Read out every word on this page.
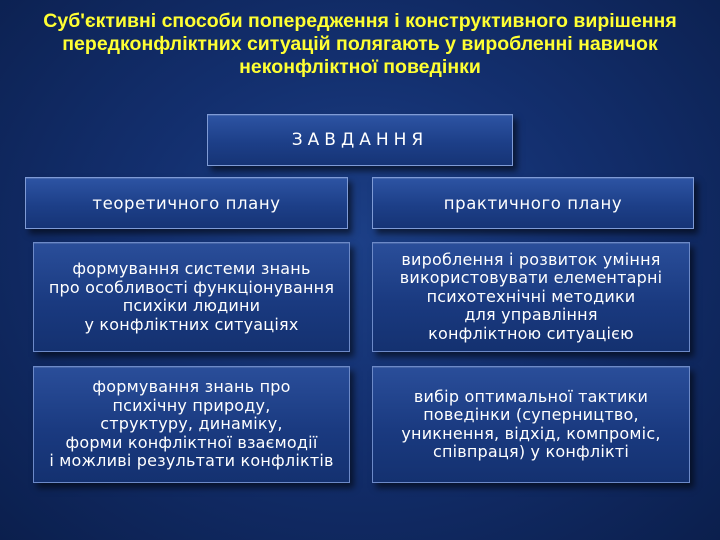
Суб'єктивні способи попередження і конструктивного вирішення
передконфліктних ситуацій полягають у виробленні навичок
неконфліктної поведінки
ЗАВДАННЯ
теоретичного плану	практичного плану
формування системи знань
про особливості функціонування
психіки людини
у конфліктних ситуаціях
вироблення і розвиток уміння
використовувати елементарні
психотехнічні методики
для управління
конфліктною ситуацією
формування знань про
психічну природу,
структуру, динаміку,
форми конфліктної взаємодії
і можливі результати конфліктів
вибір оптимальної тактики
поведінки (суперництво,
уникнення, відхід, компроміс,
співпраця) у конфлікті
